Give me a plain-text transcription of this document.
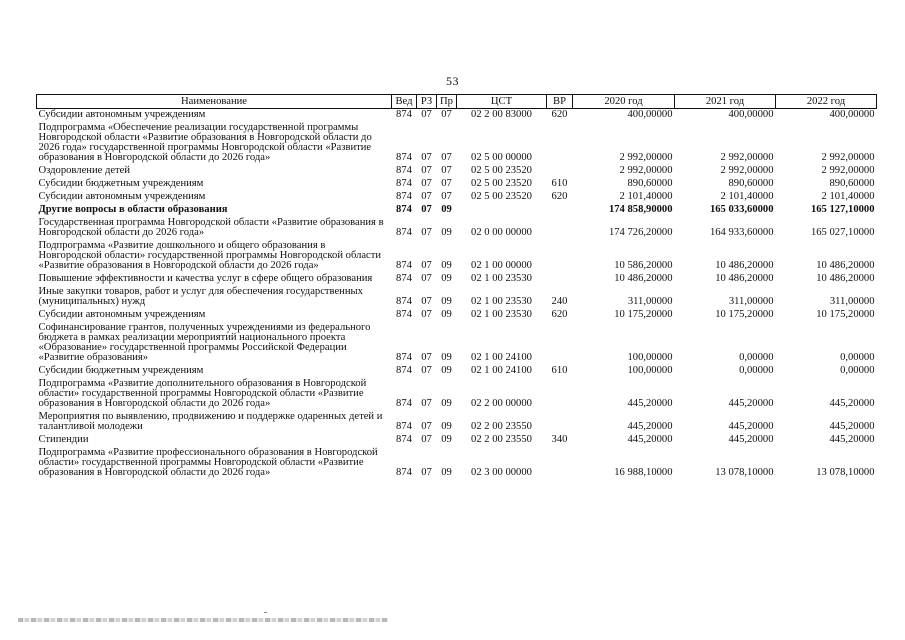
53
Наименование	Вед	РЗ	Пр	ЦСТ	ВР	2020 год	2021 год	2022 год
Субсидии автономным учреждениям	874	07	07	02 2 00 83000	620	400,00000	400,00000	400,00000
Подпрограмма «Обеспечение реализации государственной программы Новгородской области «Развитие образования в Новгородской области до 2026 года» государственной программы Новгородской области «Развитие образования в Новгородской области до 2026 года»	874	07	07	02 5 00 00000		2 992,00000	2 992,00000	2 992,00000
Оздоровление детей	874	07	07	02 5 00 23520		2 992,00000	2 992,00000	2 992,00000
Субсидии бюджетным учреждениям	874	07	07	02 5 00 23520	610	890,60000	890,60000	890,60000
Субсидии автономным учреждениям	874	07	07	02 5 00 23520	620	2 101,40000	2 101,40000	2 101,40000
Другие вопросы в области образования	874	07	09			174 858,90000	165 033,60000	165 127,10000
Государственная программа Новгородской области «Развитие образования в Новгородской области до 2026 года»	874	07	09	02 0 00 00000		174 726,20000	164 933,60000	165 027,10000
Подпрограмма «Развитие дошкольного и общего образования в Новгородской области» государственной программы Новгородской области «Развитие образования в Новгородской области до 2026 года»	874	07	09	02 1 00 00000		10 586,20000	10 486,20000	10 486,20000
Повышение эффективности и качества услуг в сфере общего образования	874	07	09	02 1 00 23530		10 486,20000	10 486,20000	10 486,20000
Иные закупки товаров, работ и услуг для обеспечения государственных (муниципальных) нужд	874	07	09	02 1 00 23530	240	311,00000	311,00000	311,00000
Субсидии автономным учреждениям	874	07	09	02 1 00 23530	620	10 175,20000	10 175,20000	10 175,20000
Софинансирование грантов, полученных учреждениями из федерального бюджета в рамках реализации мероприятий национального проекта «Образование» государственной программы Российской Федерации «Развитие образования»	874	07	09	02 1 00 24100		100,00000	0,00000	0,00000
Субсидии бюджетным учреждениям	874	07	09	02 1 00 24100	610	100,00000	0,00000	0,00000
Подпрограмма «Развитие дополнительного образования в Новгородской области» государственной программы Новгородской области «Развитие образования в Новгородской области до 2026 года»	874	07	09	02 2 00 00000		445,20000	445,20000	445,20000
Мероприятия по выявлению, продвижению и поддержке одаренных детей и талантливой молодежи	874	07	09	02 2 00 23550		445,20000	445,20000	445,20000
Стипендии	874	07	09	02 2 00 23550	340	445,20000	445,20000	445,20000
Подпрограмма «Развитие профессионального образования в Новгородской области» государственной программы Новгородской области «Развитие образования в Новгородской области до 2026 года»	874	07	09	02 3 00 00000		16 988,10000	13 078,10000	13 078,10000
